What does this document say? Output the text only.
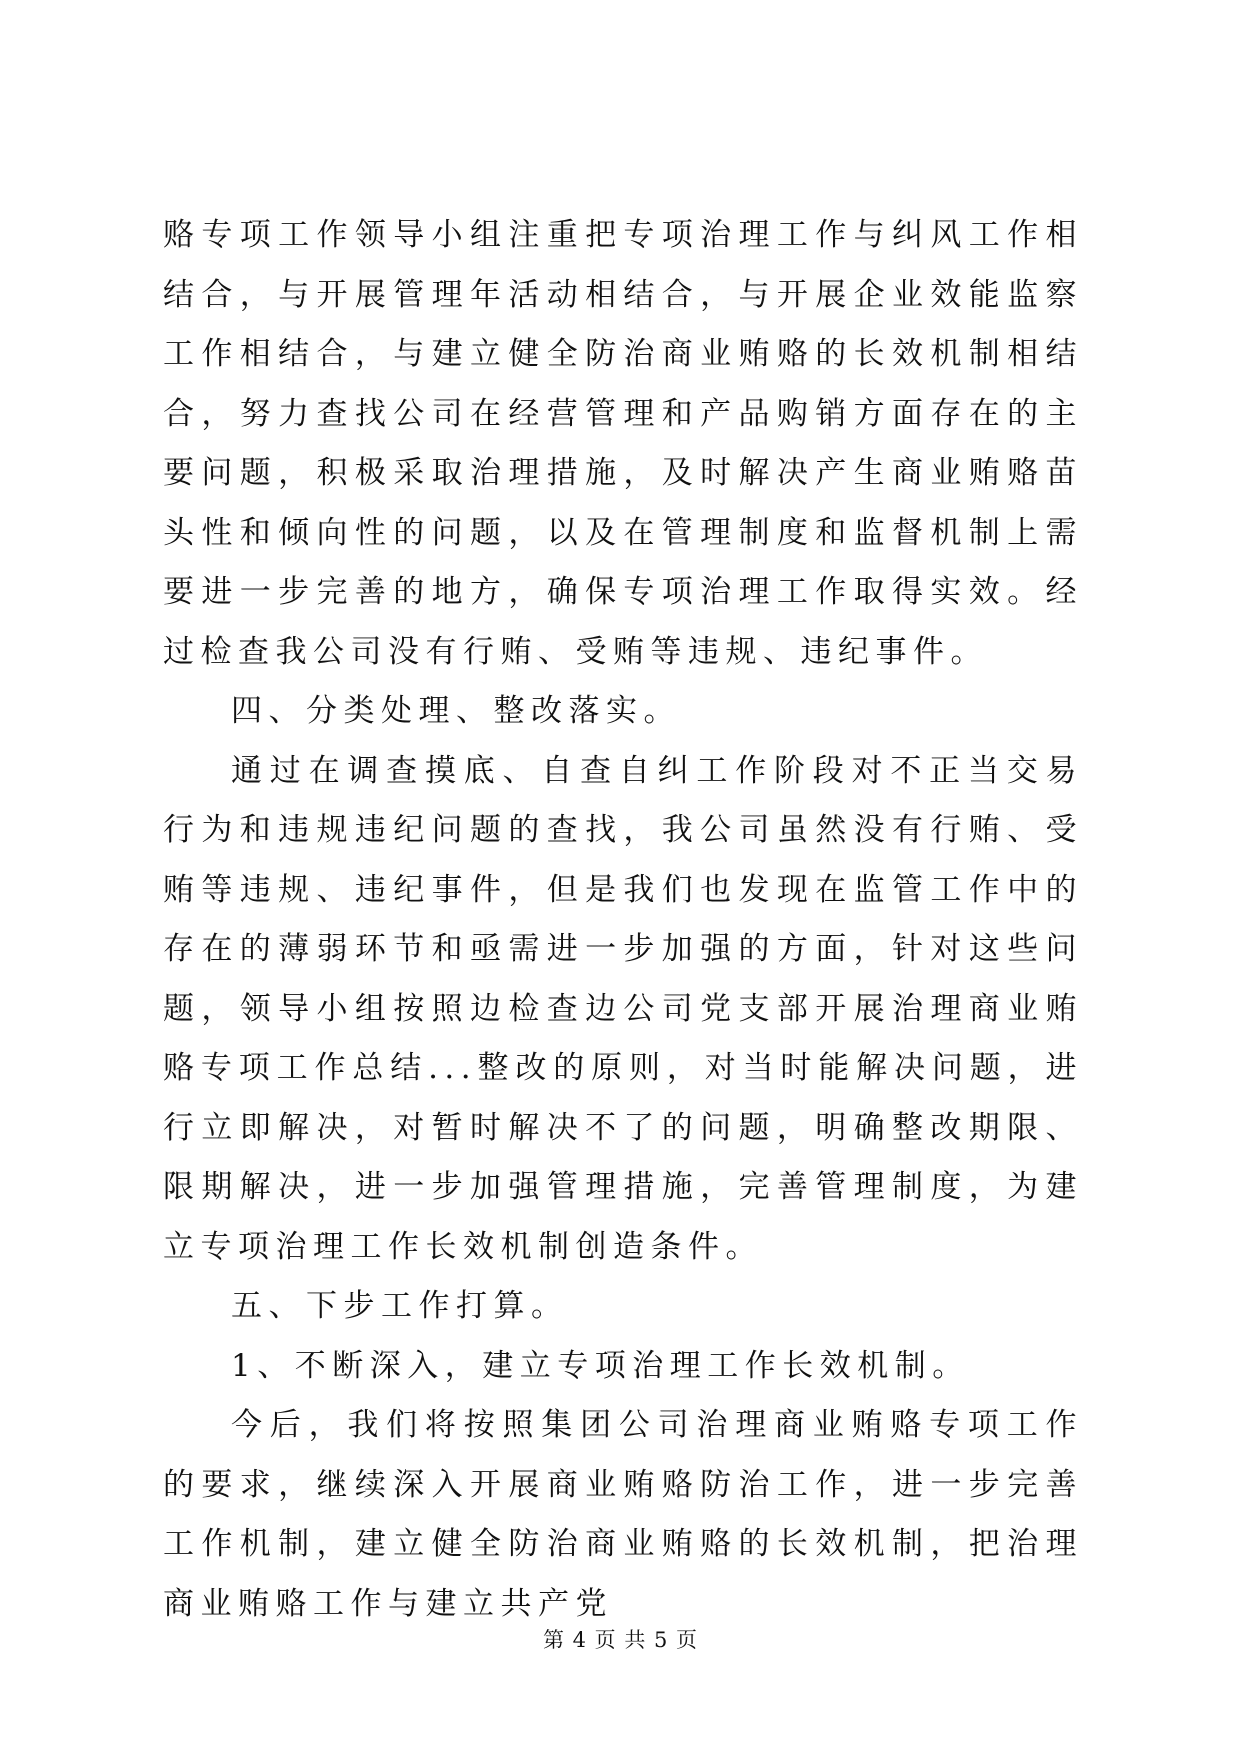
赂专项工作领导小组注重把专项治理工作与纠风工作相结合，与开展管理年活动相结合，与开展企业效能监察工作相结合，与建立健全防治商业贿赂的长效机制相结合，努力查找公司在经营管理和产品购销方面存在的主要问题，积极采取治理措施，及时解决产生商业贿赂苗头性和倾向性的问题，以及在管理制度和监督机制上需要进一步完善的地方，确保专项治理工作取得实效。经过检查我公司没有行贿、受贿等违规、违纪事件。

四、分类处理、整改落实。

通过在调查摸底、自查自纠工作阶段对不正当交易行为和违规违纪问题的查找，我公司虽然没有行贿、受贿等违规、违纪事件，但是我们也发现在监管工作中的存在的薄弱环节和亟需进一步加强的方面，针对这些问题，领导小组按照边检查边公司党支部开展治理商业贿赂专项工作总结...整改的原则，对当时能解决问题，进行立即解决，对暂时解决不了的问题，明确整改期限、限期解决，进一步加强管理措施，完善管理制度，为建立专项治理工作长效机制创造条件。

五、下步工作打算。

1、不断深入，建立专项治理工作长效机制。

今后，我们将按照集团公司治理商业贿赂专项工作的要求，继续深入开展商业贿赂防治工作，进一步完善工作机制，建立健全防治商业贿赂的长效机制，把治理商业贿赂工作与建立共产党

第 4 页 共 5 页
